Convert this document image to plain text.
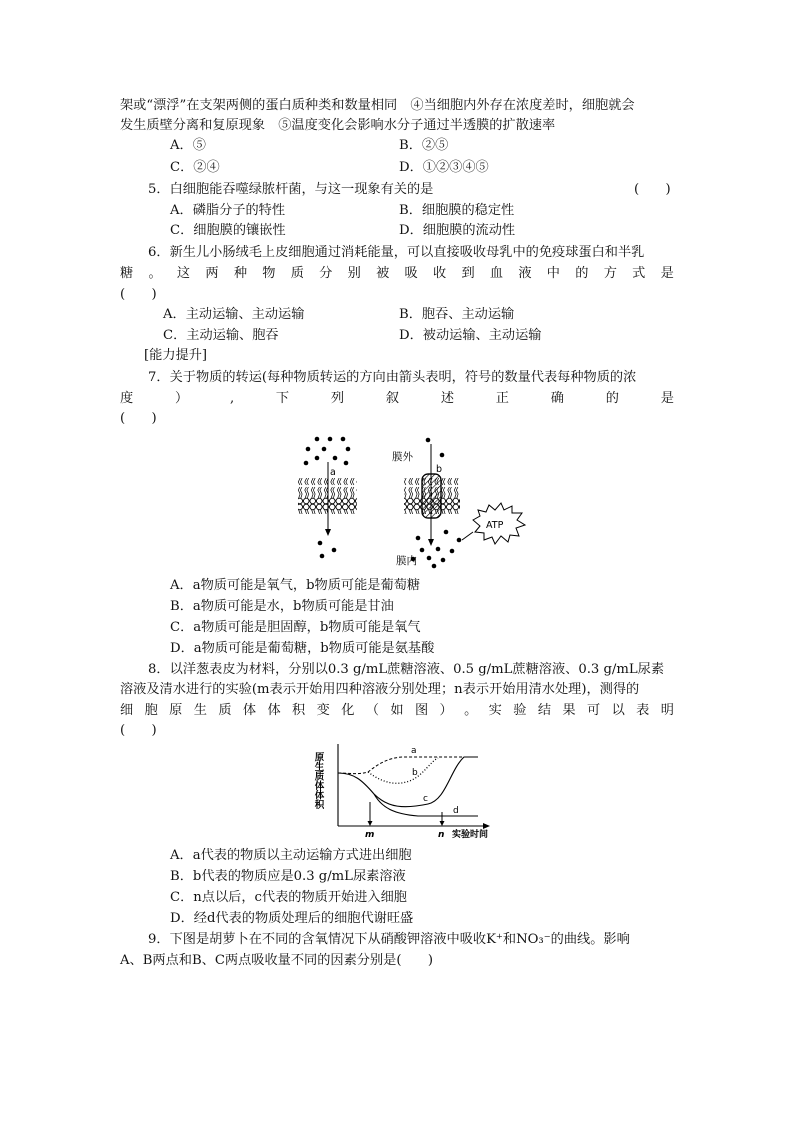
架或“漂浮”在支架两侧的蛋白质种类和数量相同　④当细胞内外存在浓度差时，细胞就会
发生质壁分离和复原现象　⑤温度变化会影响水分子通过半透膜的扩散速率
A．⑤	B．②⑤
C．②④	D．①②③④⑤
5．白细胞能吞噬绿脓杆菌，与这一现象有关的是	(　　)
A．磷脂分子的特性	B．细胞膜的稳定性
C．细胞膜的镶嵌性	D．细胞膜的流动性
6．新生儿小肠绒毛上皮细胞通过消耗能量，可以直接吸收母乳中的免疫球蛋白和半乳
糖 。 这 两 种 物 质 分 别 被 吸 收 到 血 液 中 的 方 式 是
(　　)
A．主动运输、主动运输	B．胞吞、主动运输
C．主动运输、胞吞	D．被动运输、主动运输
[能力提升]
7．关于物质的转运(每种物质转运的方向由箭头表明，符号的数量代表每种物质的浓
度	）	,	下	列	叙	述	正	确	的	是
(　　)
a
膜外
b
膜内
ATP
A．a物质可能是氧气，b物质可能是葡萄糖
B．a物质可能是水，b物质可能是甘油
C．a物质可能是胆固醇，b物质可能是氧气
D．a物质可能是葡萄糖，b物质可能是氨基酸
8．以洋葱表皮为材料，分别以0.3 g/mL蔗糖溶液、0.5 g/mL蔗糖溶液、0.3 g/mL尿素
溶液及清水进行的实验(m表示开始用四种溶液分别处理；n表示开始用清水处理)，测得的
细 胞 原 生 质 体 体 积 变 化 （ 如 图 ） 。 实 验 结 果 可 以 表 明
(　　)
原生质体体积
a
b
c
d
m	n 实验时间
A．a代表的物质以主动运输方式进出细胞
B．b代表的物质应是0.3 g/mL尿素溶液
C．n点以后，c代表的物质开始进入细胞
D．经d代表的物质处理后的细胞代谢旺盛
9．下图是胡萝卜在不同的含氧情况下从硝酸钾溶液中吸收K⁺和NO₃⁻的曲线。影响
A、B两点和B、C两点吸收量不同的因素分别是(　　)
